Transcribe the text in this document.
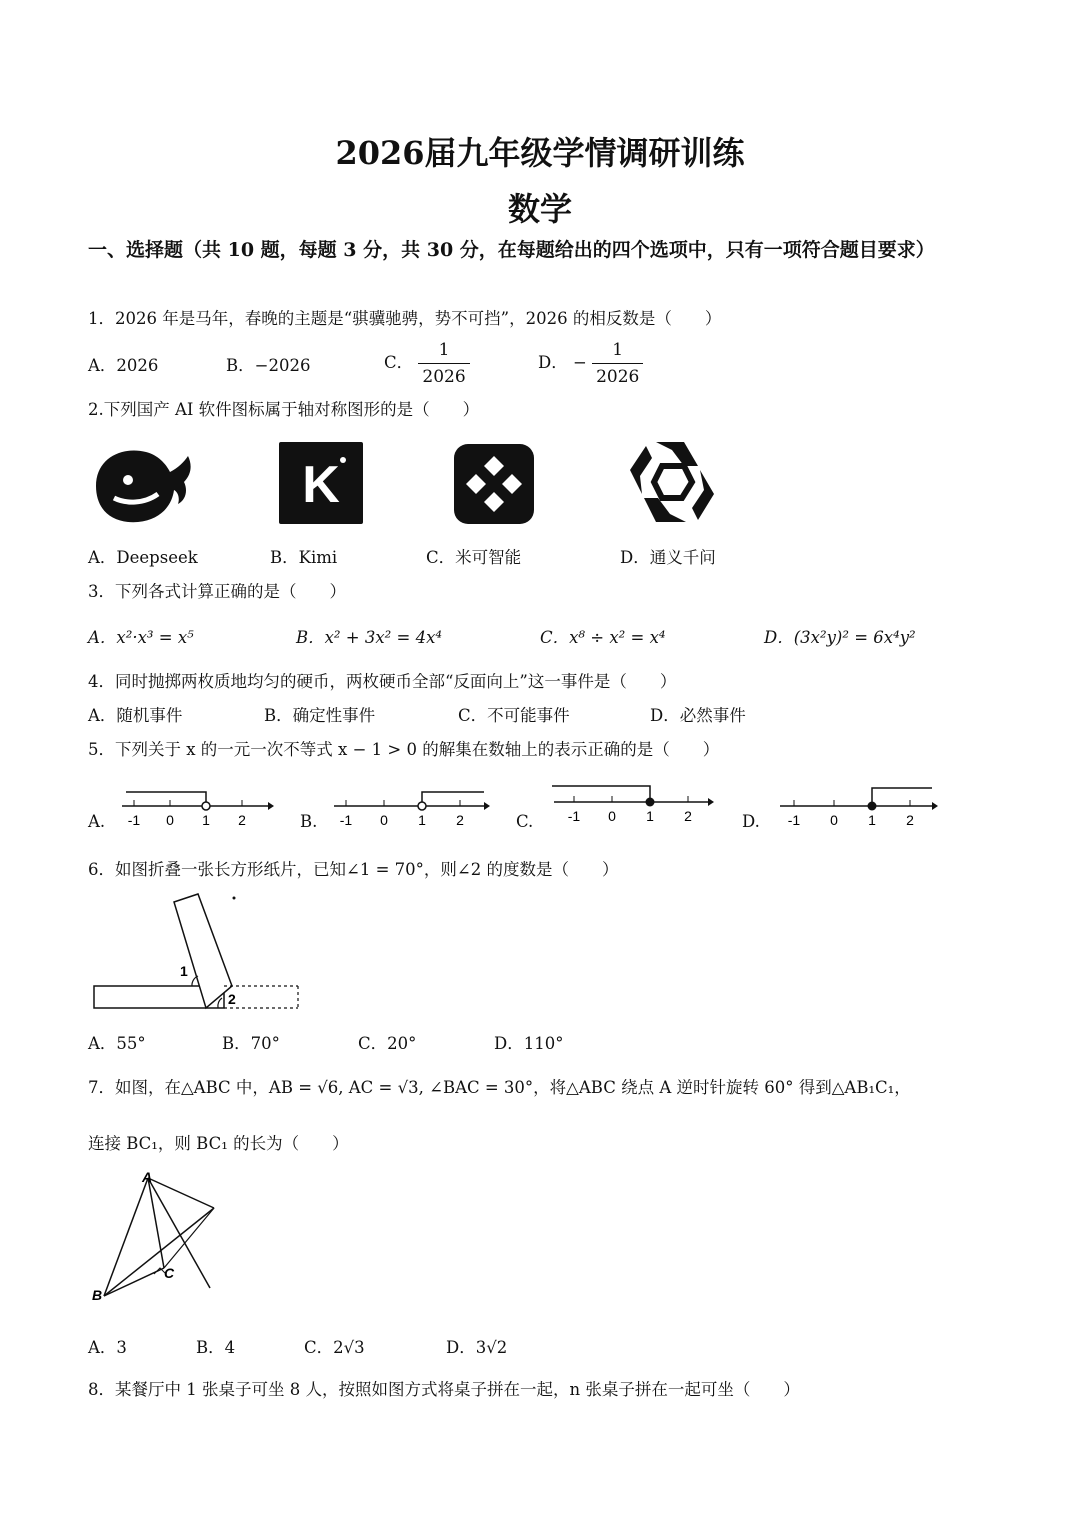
2026届九年级学情调研训练
数学
一、选择题（共 10 题，每题 3 分，共 30 分，在每题给出的四个选项中，只有一项符合题目要求）
1．2026 年是马年，春晚的主题是“骐骥驰骋，势不可挡”，2026 的相反数是（　　）
A．2026	B．−2026	C． $\frac{1}{2026}$	D． − $\frac{1}{2026}$
2.下列国产 AI 软件图标属于轴对称图形的是（　　）
K
A．Deepseek	B．Kimi	C．米可智能	D．通义千问
3．下列各式计算正确的是（　　）
A．x²·x³ = x⁵	B．x² + 3x² = 4x⁴	C．x⁸ ÷ x² = x⁴	D．(3x²y)² = 6x⁴y²
4．同时抛掷两枚质地均匀的硬币，两枚硬币全部“反面向上”这一事件是（　　）
A．随机事件	B．确定性事件	C．不可能事件	D．必然事件
5．下列关于 x 的一元一次不等式 x − 1 > 0 的解集在数轴上的表示正确的是（　　）
A. -1 0 1 2	B. -1 0 1 2	C. -1 0 1 2	D. -1 0 1 2
6．如图折叠一张长方形纸片，已知∠1 = 70°，则∠2 的度数是（　　）
1
2
A．55°	B．70°	C．20°	D．110°
7．如图，在△ABC 中，AB = √6, AC = √3, ∠BAC = 30°，将△ABC 绕点 A 逆时针旋转 60° 得到△AB₁C₁，
连接 BC₁，则 BC₁ 的长为（　　）
A
B
C
A．3	B．4	C．2√3	D．3√2
8．某餐厅中 1 张桌子可坐 8 人，按照如图方式将桌子拼在一起，n 张桌子拼在一起可坐（　　）
